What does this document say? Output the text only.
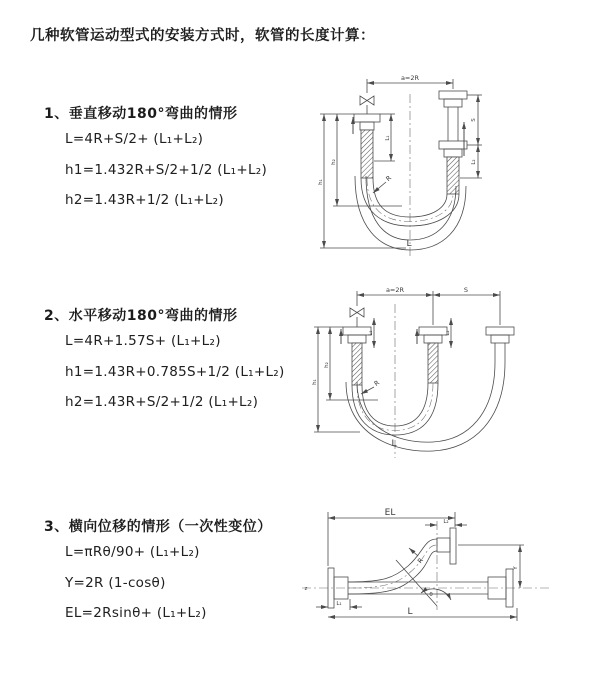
几种软管运动型式的安装方式时，软管的长度计算：
1、垂直移动180°弯曲的情形
L=4R+S/2+ (L₁+L₂)
h1=1.432R+S/2+1/2 (L₁+L₂)
h2=1.43R+1/2 (L₁+L₂)
2、水平移动180°弯曲的情形
L=4R+1.57S+ (L₁+L₂)
h1=1.43R+0.785S+1/2 (L₁+L₂)
h2=1.43R+S/2+1/2 (L₁+L₂)
3、横向位移的情形（一次性变位）
L=πRθ/90+ (L₁+L₂)
Y=2R (1-cosθ)
EL=2Rsinθ+ (L₁+L₂)
a=2R
L₁
S
L₂
h₂
h₁	R
L
a=2R	S
L₁	L₂
h₂
h₁	R
L
EL
L₂
Y
R
θ
z
L₁
L
